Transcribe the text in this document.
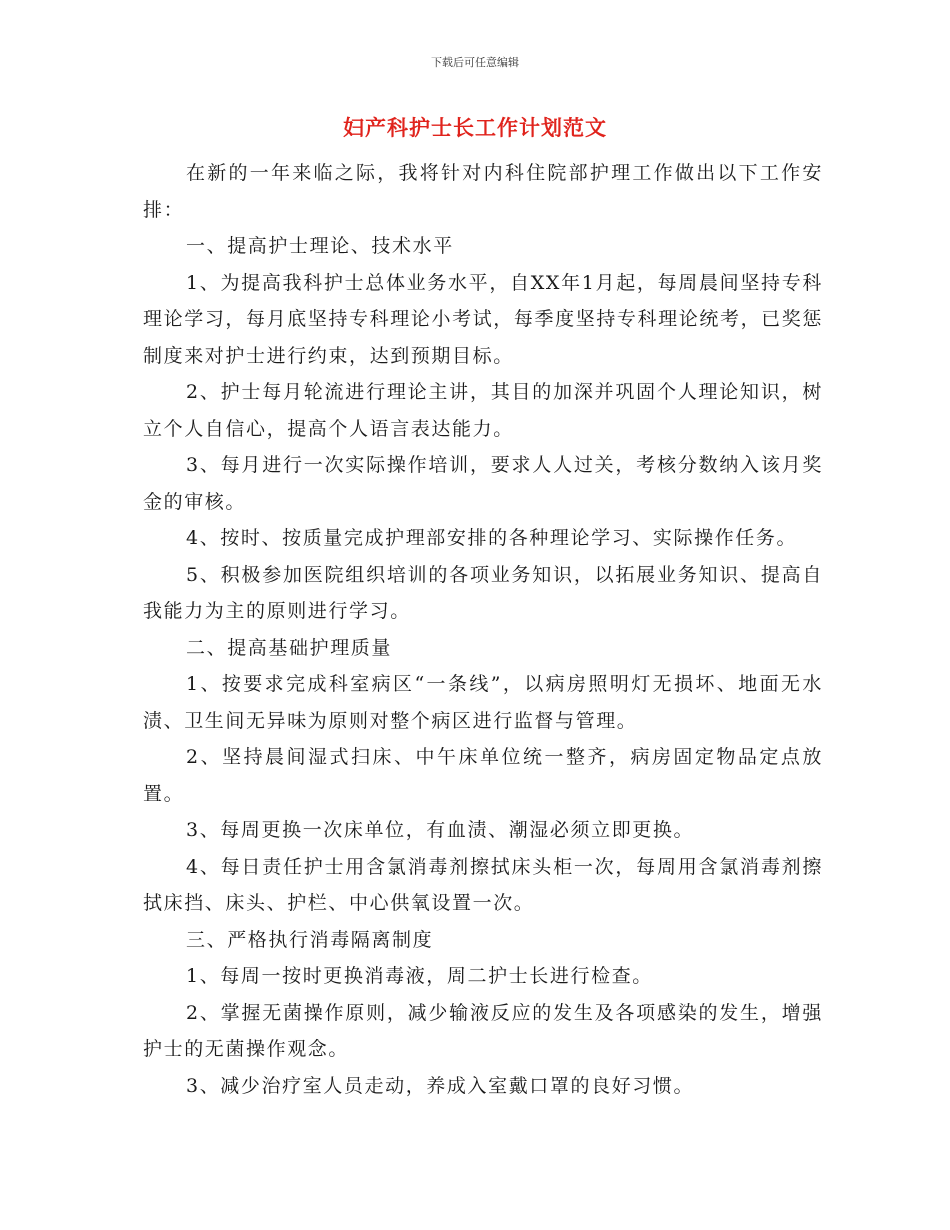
下载后可任意编辑
妇产科护士长工作计划范文

在新的一年来临之际，我将针对内科住院部护理工作做出以下工作安排：

一、提高护士理论、技术水平

1、为提高我科护士总体业务水平，自XX年1月起，每周晨间坚持专科理论学习，每月底坚持专科理论小考试，每季度坚持专科理论统考，已奖惩制度来对护士进行约束，达到预期目标。

2、护士每月轮流进行理论主讲，其目的加深并巩固个人理论知识，树立个人自信心，提高个人语言表达能力。

3、每月进行一次实际操作培训，要求人人过关，考核分数纳入该月奖金的审核。

4、按时、按质量完成护理部安排的各种理论学习、实际操作任务。

5、积极参加医院组织培训的各项业务知识，以拓展业务知识、提高自我能力为主的原则进行学习。

二、提高基础护理质量

1、按要求完成科室病区“一条线”，以病房照明灯无损坏、地面无水渍、卫生间无异味为原则对整个病区进行监督与管理。

2、坚持晨间湿式扫床、中午床单位统一整齐，病房固定物品定点放置。

3、每周更换一次床单位，有血渍、潮湿必须立即更换。

4、每日责任护士用含氯消毒剂擦拭床头柜一次，每周用含氯消毒剂擦拭床挡、床头、护栏、中心供氧设置一次。

三、严格执行消毒隔离制度

1、每周一按时更换消毒液，周二护士长进行检查。

2、掌握无菌操作原则，减少输液反应的发生及各项感染的发生，增强护士的无菌操作观念。

3、减少治疗室人员走动，养成入室戴口罩的良好习惯。
